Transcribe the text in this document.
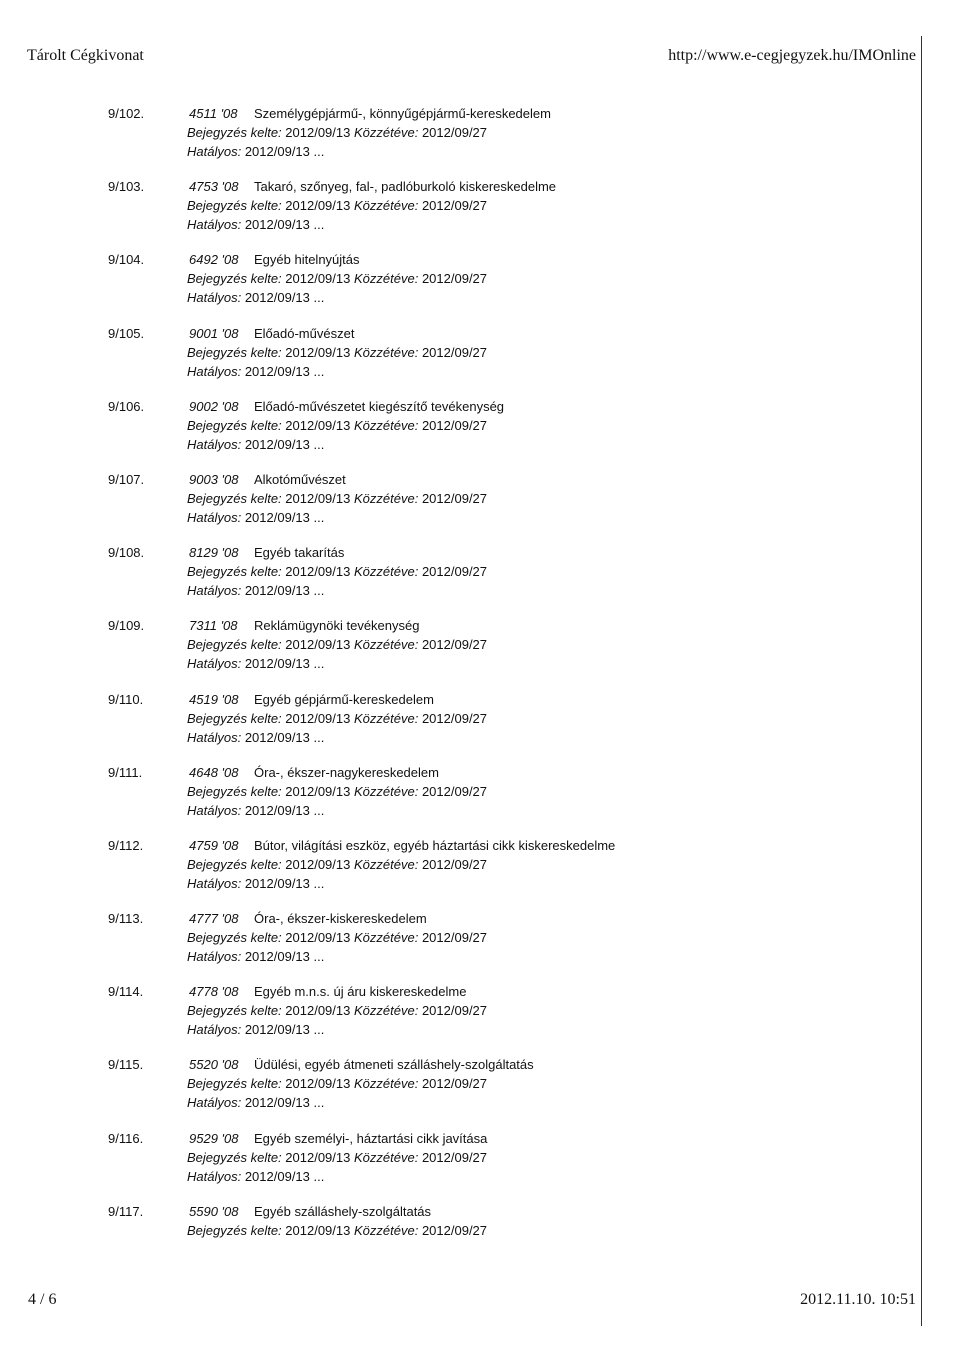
Tárolt Cégkivonat	http://www.e-cegjegyzek.hu/IMOnline
9/102.	4511 '08	Személygépjármű-, könnyűgépjármű-kereskedelem
Bejegyzés kelte: 2012/09/13 Közzétéve: 2012/09/27
Hatályos: 2012/09/13 ...
9/103.	4753 '08	Takaró, szőnyeg, fal-, padlóburkoló kiskereskedelme
Bejegyzés kelte: 2012/09/13 Közzétéve: 2012/09/27
Hatályos: 2012/09/13 ...
9/104.	6492 '08	Egyéb hitelnyújtás
Bejegyzés kelte: 2012/09/13 Közzétéve: 2012/09/27
Hatályos: 2012/09/13 ...
9/105.	9001 '08	Előadó-művészet
Bejegyzés kelte: 2012/09/13 Közzétéve: 2012/09/27
Hatályos: 2012/09/13 ...
9/106.	9002 '08	Előadó-művészetet kiegészítő tevékenység
Bejegyzés kelte: 2012/09/13 Közzétéve: 2012/09/27
Hatályos: 2012/09/13 ...
9/107.	9003 '08	Alkotóművészet
Bejegyzés kelte: 2012/09/13 Közzétéve: 2012/09/27
Hatályos: 2012/09/13 ...
9/108.	8129 '08	Egyéb takarítás
Bejegyzés kelte: 2012/09/13 Közzétéve: 2012/09/27
Hatályos: 2012/09/13 ...
9/109.	7311 '08	Reklámügynöki tevékenység
Bejegyzés kelte: 2012/09/13 Közzétéve: 2012/09/27
Hatályos: 2012/09/13 ...
9/110.	4519 '08	Egyéb gépjármű-kereskedelem
Bejegyzés kelte: 2012/09/13 Közzétéve: 2012/09/27
Hatályos: 2012/09/13 ...
9/111.	4648 '08	Óra-, ékszer-nagykereskedelem
Bejegyzés kelte: 2012/09/13 Közzétéve: 2012/09/27
Hatályos: 2012/09/13 ...
9/112.	4759 '08	Bútor, világítási eszköz, egyéb háztartási cikk kiskereskedelme
Bejegyzés kelte: 2012/09/13 Közzétéve: 2012/09/27
Hatályos: 2012/09/13 ...
9/113.	4777 '08	Óra-, ékszer-kiskereskedelem
Bejegyzés kelte: 2012/09/13 Közzétéve: 2012/09/27
Hatályos: 2012/09/13 ...
9/114.	4778 '08	Egyéb m.n.s. új áru kiskereskedelme
Bejegyzés kelte: 2012/09/13 Közzétéve: 2012/09/27
Hatályos: 2012/09/13 ...
9/115.	5520 '08	Üdülési, egyéb átmeneti szálláshely-szolgáltatás
Bejegyzés kelte: 2012/09/13 Közzétéve: 2012/09/27
Hatályos: 2012/09/13 ...
9/116.	9529 '08	Egyéb személyi-, háztartási cikk javítása
Bejegyzés kelte: 2012/09/13 Közzétéve: 2012/09/27
Hatályos: 2012/09/13 ...
9/117.	5590 '08	Egyéb szálláshely-szolgáltatás
Bejegyzés kelte: 2012/09/13 Közzétéve: 2012/09/27
4 / 6	2012.11.10. 10:51
